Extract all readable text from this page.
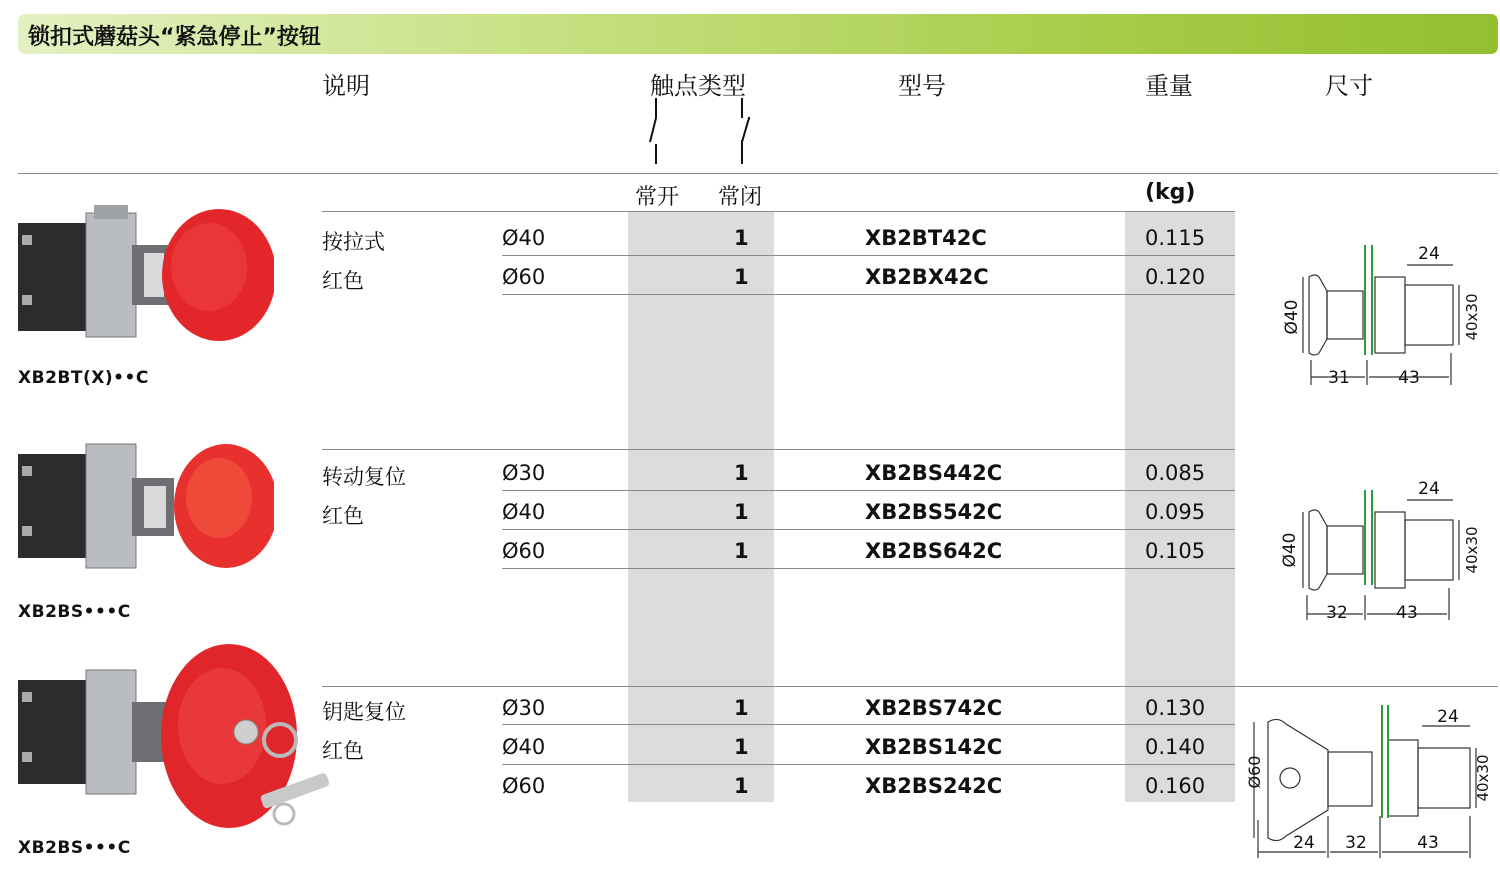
锁扣式蘑菇头“紧急停止”按钮
说明	触点类型	型号	重量	尺寸
常开 常闭	(kg)
按拉式
红色
Ø40	1	XB2BT42C	0.115
Ø60	1	XB2BX42C	0.120
转动复位
红色
Ø30	1	XB2BS442C	0.085
Ø40	1	XB2BS542C	0.095
Ø60	1	XB2BS642C	0.105
钥匙复位
红色
Ø30	1	XB2BS742C	0.130
Ø40	1	XB2BS142C	0.140
Ø60	1	XB2BS242C	0.160
XB2BT(X)••C
XB2BS•••C
XB2BS•••C
24
Ø40	40x30
31	43
24
Ø40	40x30
32	43
24
Ø60	40x30
24 32	43
